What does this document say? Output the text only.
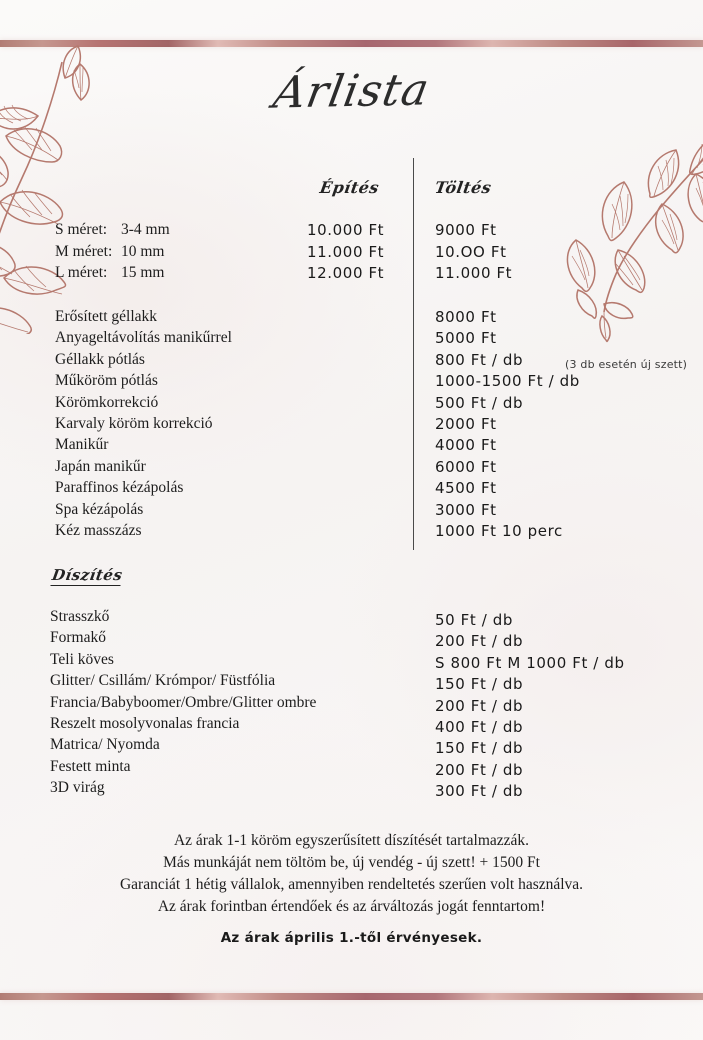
Árlista
Építés	Töltés
S méret: 3-4 mm
M méret: 10 mm
L méret: 15 mm
10.000 Ft
11.000 Ft
12.000 Ft
9000 Ft
10.OO Ft
11.000 Ft
Erősített géllakk
Anyageltávolítás manikűrrel
Géllakk pótlás
Műköröm pótlás
Körömkorrekció
Karvaly köröm korrekció
Manikűr
Japán manikűr
Paraffinos kézápolás
Spa kézápolás
Kéz masszázs
8000 Ft
5000 Ft
800 Ft / db
1000-1500 Ft / db
500 Ft / db
2000 Ft
4000 Ft
6000 Ft
4500 Ft
3000 Ft
1000 Ft 10 perc
(3 db esetén új szett)
Díszítés
Strasszkő
Formakő
Teli köves
Glitter/ Csillám/ Krómpor/ Füstfólia
Francia/Babyboomer/Ombre/Glitter ombre
Reszelt mosolyvonalas francia
Matrica/ Nyomda
Festett minta
3D virág
50 Ft / db
200 Ft / db
S 800 Ft M 1000 Ft / db
150 Ft / db
200 Ft / db
400 Ft / db
150 Ft / db
200 Ft / db
300 Ft / db
Az árak 1-1 köröm egyszerűsített díszítését tartalmazzák.
Más munkáját nem töltöm be, új vendég - új szett! + 1500 Ft
Garanciát 1 hétig vállalok, amennyiben rendeltetés szerűen volt használva.
Az árak forintban értendőek és az árváltozás jogát fenntartom!
Az árak április 1.-től érvényesek.
